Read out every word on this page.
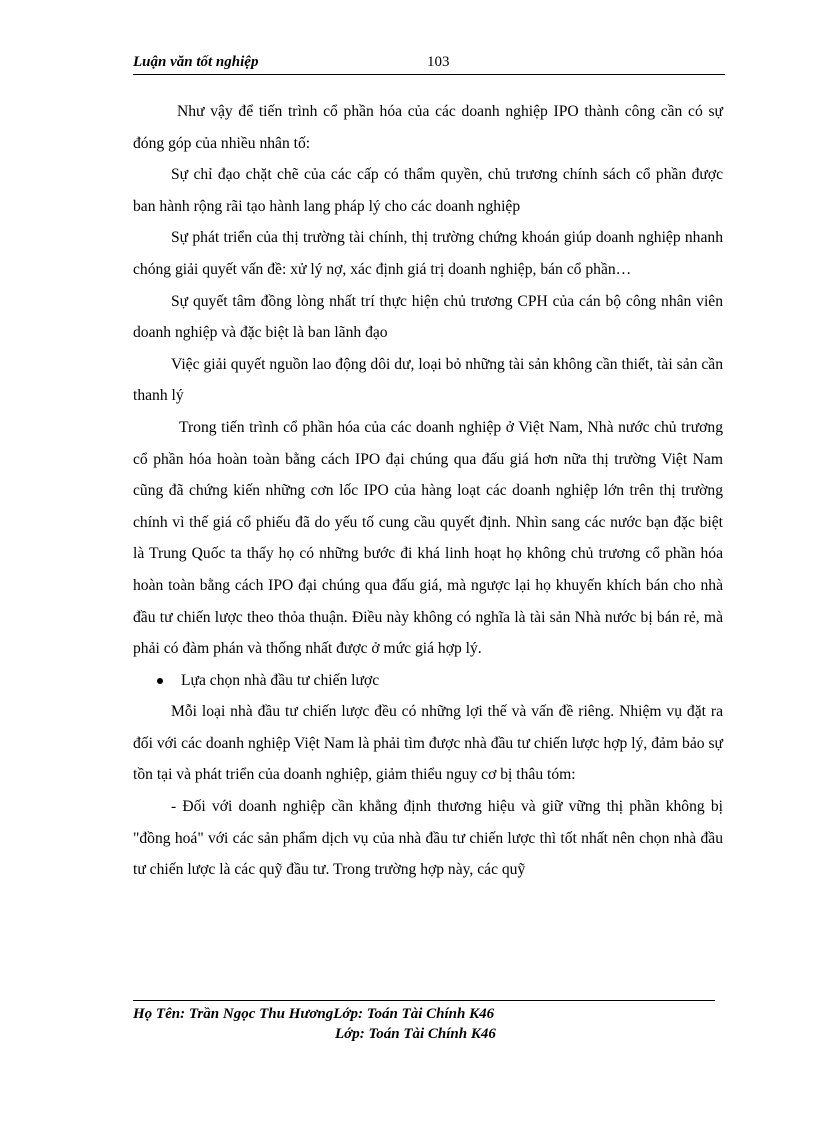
Luận văn tốt nghiệp	103

Như vậy để tiến trình cổ phần hóa của các doanh nghiệp IPO thành công cần có sự đóng góp của nhiều nhân tố:

Sự chỉ đạo chặt chẽ của các cấp có thẩm quyền, chủ trương chính sách cổ phần được ban hành rộng rãi tạo hành lang pháp lý cho các doanh nghiệp

Sự phát triển của thị trường tài chính, thị trường chứng khoán giúp doanh nghiệp nhanh chóng giải quyết vấn đề: xử lý nợ, xác định giá trị doanh nghiệp, bán cổ phần…

Sự quyết tâm đồng lòng nhất trí thực hiện chủ trương CPH của cán bộ công nhân viên doanh nghiệp và đặc biệt là ban lãnh đạo

Việc giải quyết nguồn lao động dôi dư, loại bỏ những tài sản không cần thiết, tài sản cần thanh lý

Trong tiến trình cổ phần hóa của các doanh nghiệp ở Việt Nam, Nhà nước chủ trương cổ phần hóa hoàn toàn bằng cách IPO đại chúng qua đấu giá hơn nữa thị trường Việt Nam cũng đã chứng kiến những cơn lốc IPO của hàng loạt các doanh nghiệp lớn trên thị trường chính vì thế giá cổ phiếu đã do yếu tố cung cầu quyết định. Nhìn sang các nước bạn đặc biệt là Trung Quốc ta thấy họ có những bước đi khá linh hoạt họ không chủ trương cổ phần hóa hoàn toàn bằng cách IPO đại chúng qua đấu giá, mà ngược lại họ khuyến khích bán cho nhà đầu tư chiến lược theo thỏa thuận. Điều này không có nghĩa là tài sản Nhà nước bị bán rẻ, mà phải có đàm phán và thống nhất được ở mức giá hợp lý.

Lựa chọn nhà đầu tư chiến lược

Mỗi loại nhà đầu tư chiến lược đều có những lợi thế và vấn đề riêng. Nhiệm vụ đặt ra đối với các doanh nghiệp Việt Nam là phải tìm được nhà đầu tư chiến lược hợp lý, đảm bảo sự tồn tại và phát triển của doanh nghiệp, giảm thiểu nguy cơ bị thâu tóm:

- Đối với doanh nghiệp cần khẳng định thương hiệu và giữ vững thị phần không bị "đồng hoá" với các sản phẩm dịch vụ của nhà đầu tư chiến lược thì tốt nhất nên chọn nhà đầu tư chiến lược là các quỹ đầu tư. Trong trường hợp này, các quỹ

Họ Tên: Trần Ngọc Thu HươngLớp: Toán Tài Chính K46
Lớp: Toán Tài Chính K46
